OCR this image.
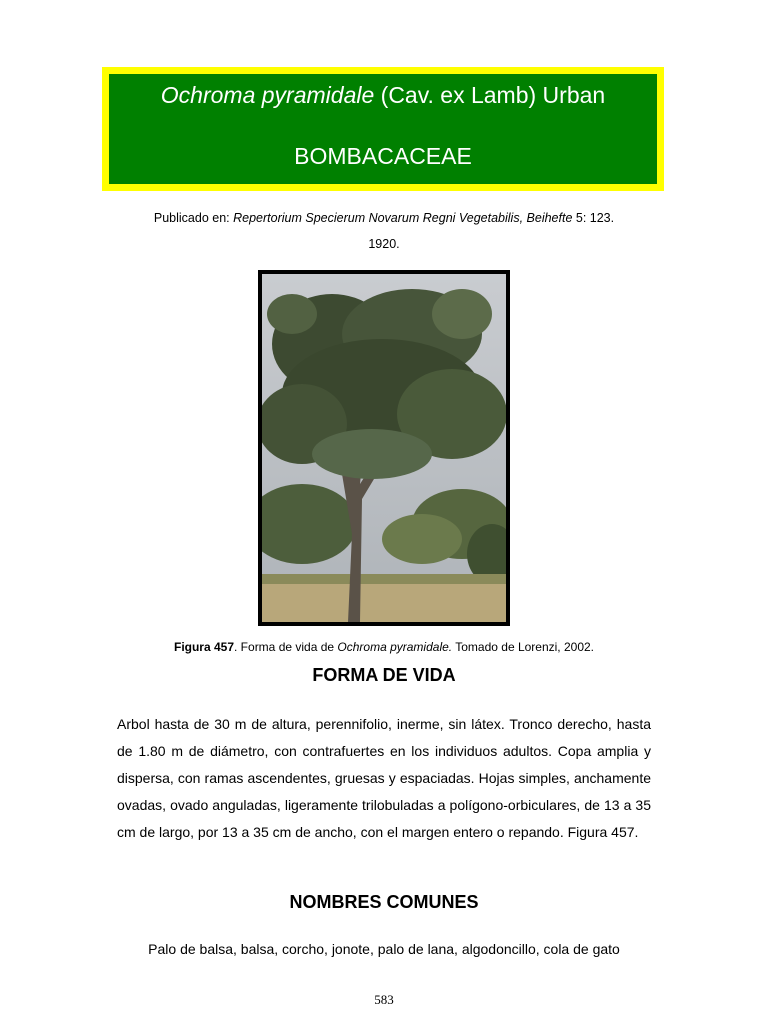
Ochroma pyramidale (Cav. ex Lamb) Urban
BOMBACACEAE
Publicado en: Repertorium Specierum Novarum Regni Vegetabilis, Beihefte 5: 123.
1920.
Figura 457. Forma de vida de Ochroma pyramidale. Tomado de Lorenzi, 2002.
FORMA DE VIDA
Arbol hasta de 30 m de altura, perennifolio, inerme, sin látex. Tronco derecho, hasta de 1.80 m de diámetro, con contrafuertes en los individuos adultos. Copa amplia y dispersa, con ramas ascendentes, gruesas y espaciadas. Hojas simples, anchamente ovadas, ovado anguladas, ligeramente trilobuladas a polígono-orbiculares, de 13 a 35 cm de largo, por 13 a 35 cm de ancho, con el margen entero o repando. Figura 457.
NOMBRES COMUNES
Palo de balsa, balsa, corcho, jonote, palo de lana, algodoncillo, cola de gato
583
